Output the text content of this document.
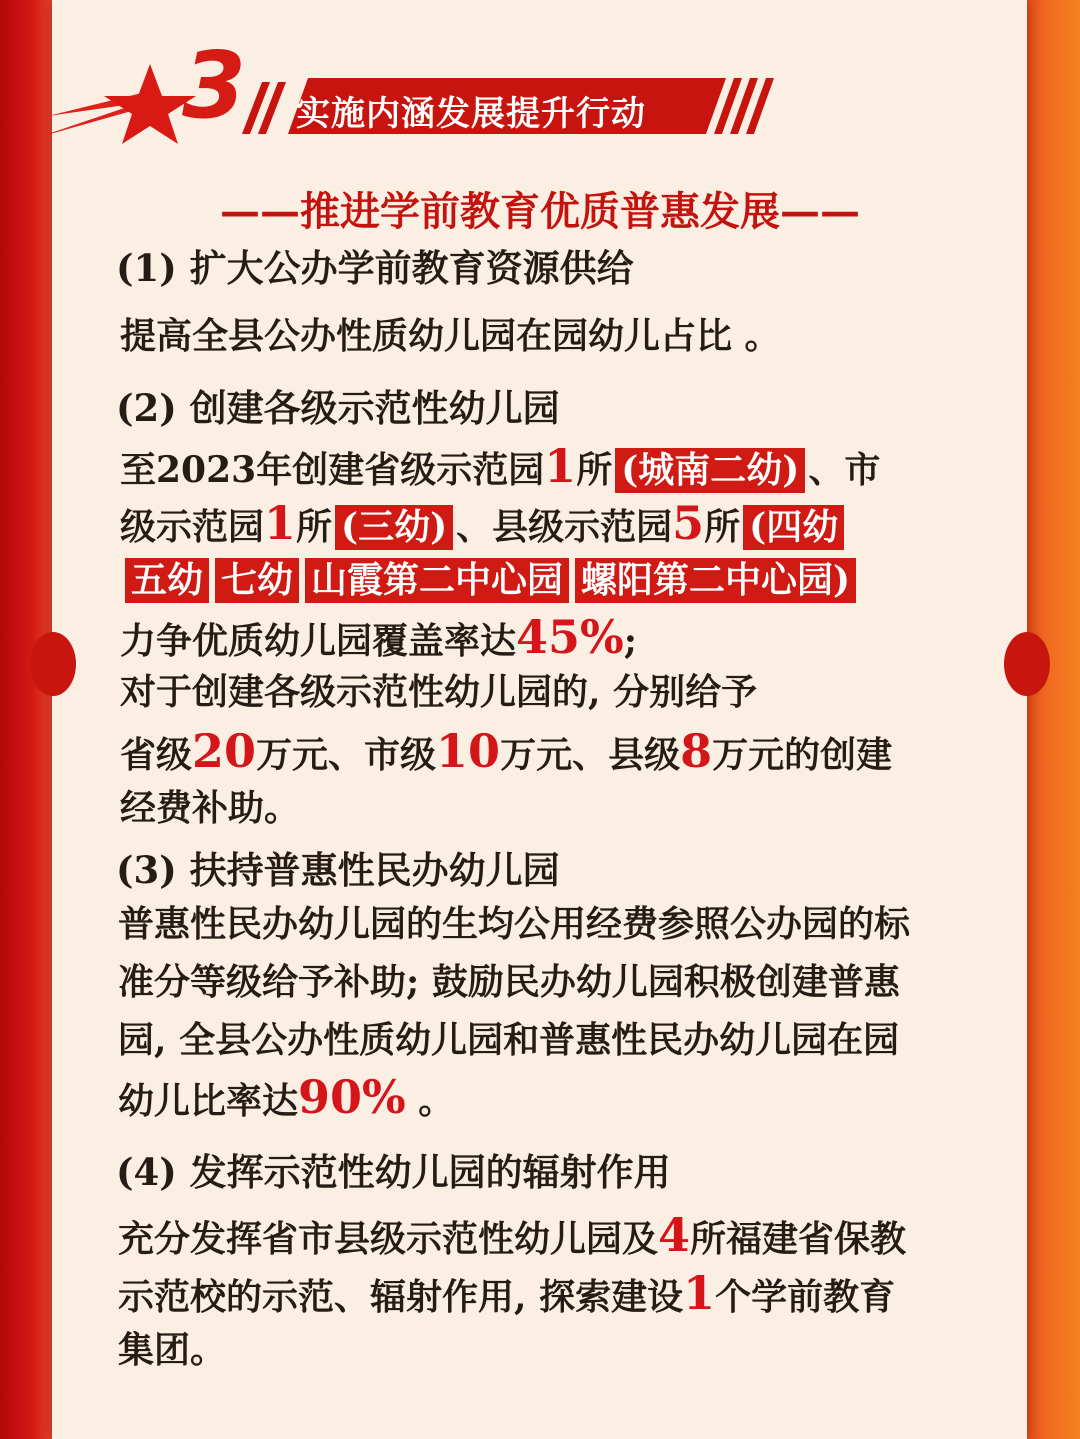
3 实施内涵发展提升行动
——推进学前教育优质普惠发展——
(1) 扩大公办学前教育资源供给
提高全县公办性质幼儿园在园幼儿占比 。
(2) 创建各级示范性幼儿园
至2023年创建省级示范园1所 (城南二幼) 、市
级示范园1所 (三幼) 、县级示范园5所 (四幼
五幼 七幼 山霞第二中心园 螺阳第二中心园)
力争优质幼儿园覆盖率达45%;
对于创建各级示范性幼儿园的, 分别给予
省级20万元、市级10万元、县级8万元的创建
经费补助。
(3) 扶持普惠性民办幼儿园
普惠性民办幼儿园的生均公用经费参照公办园的标
准分等级给予补助; 鼓励民办幼儿园积极创建普惠
园, 全县公办性质幼儿园和普惠性民办幼儿园在园
幼儿比率达90% 。
(4) 发挥示范性幼儿园的辐射作用
充分发挥省市县级示范性幼儿园及4所福建省保教
示范校的示范、辐射作用, 探索建设1个学前教育
集团。
